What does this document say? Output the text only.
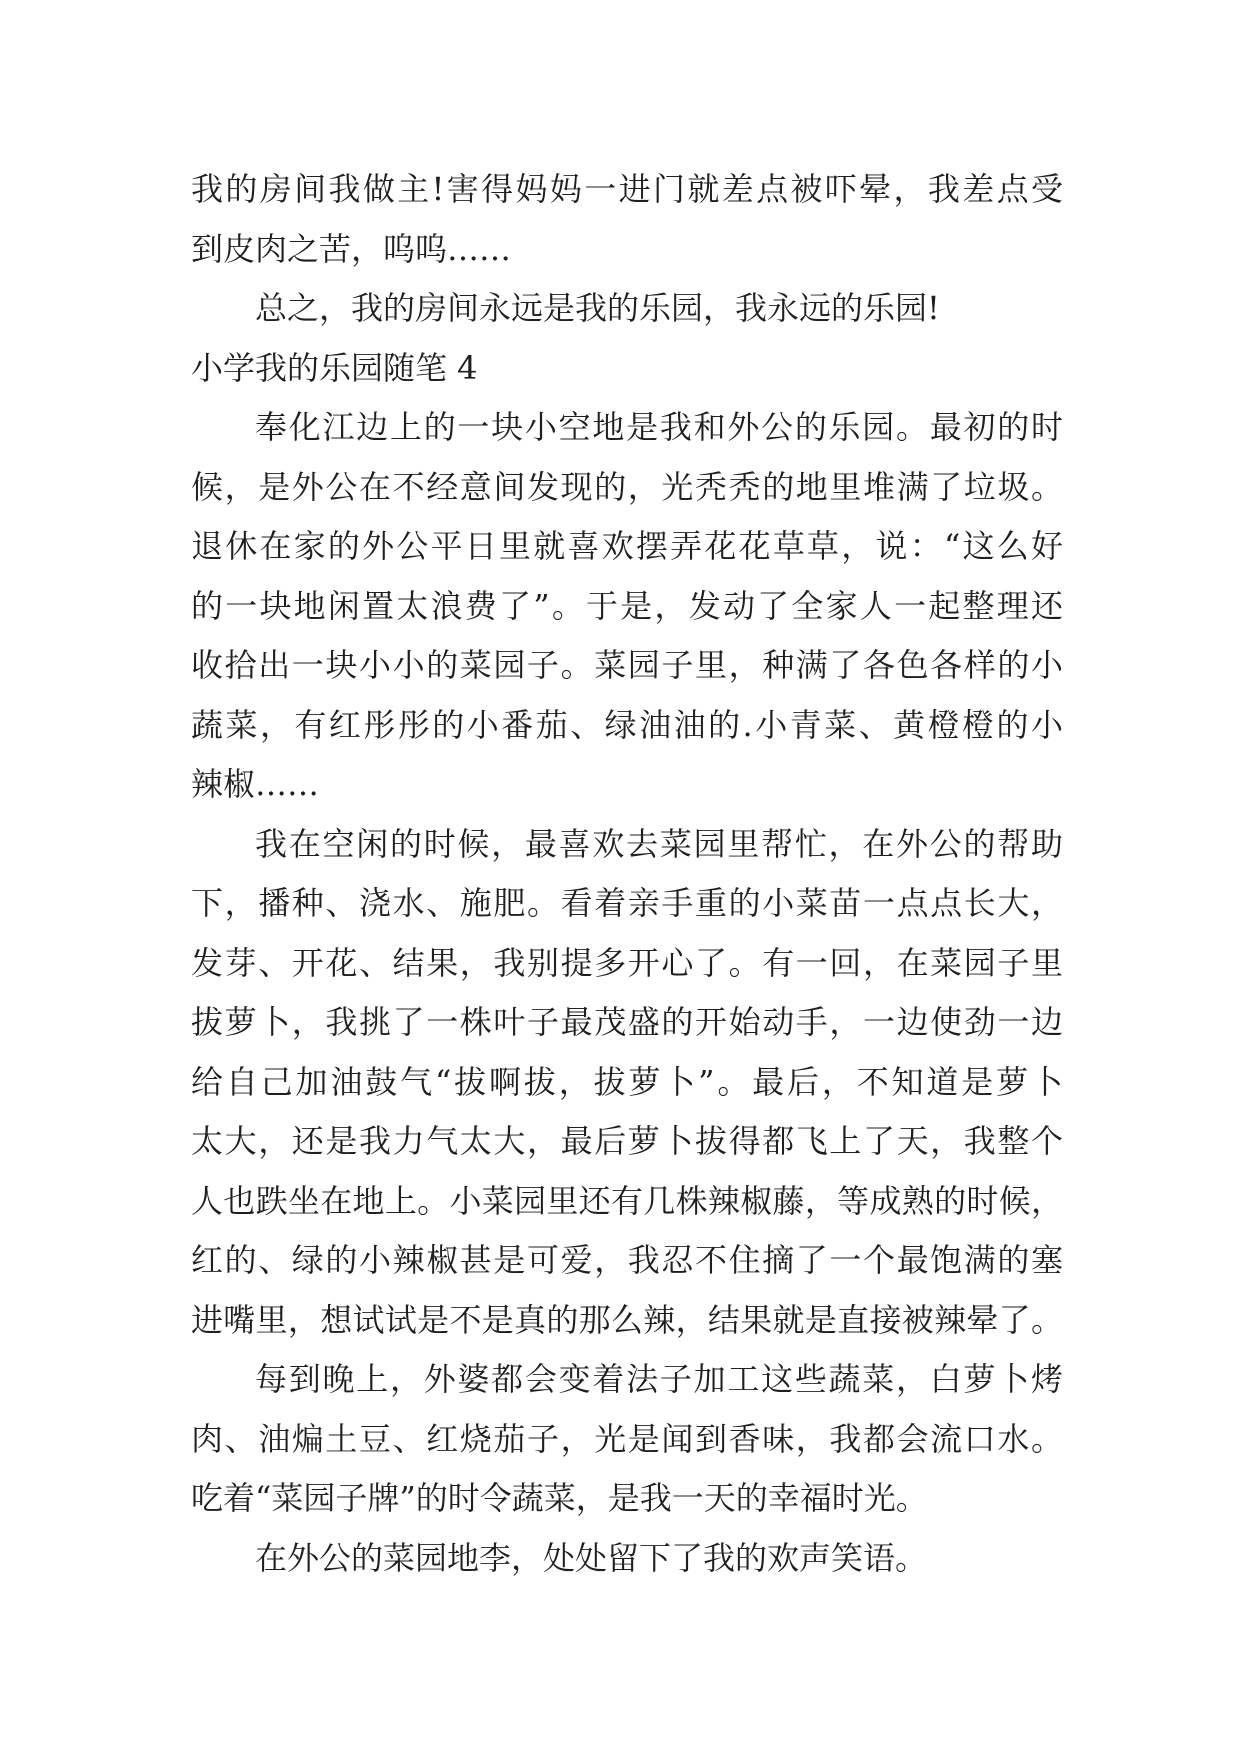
我的房间我做主!害得妈妈一进门就差点被吓晕，我差点受
到皮肉之苦，呜呜……
总之，我的房间永远是我的乐园，我永远的乐园!
小学我的乐园随笔 4
奉化江边上的一块小空地是我和外公的乐园。最初的时
候，是外公在不经意间发现的，光秃秃的地里堆满了垃圾。
退休在家的外公平日里就喜欢摆弄花花草草，说：“这么好
的一块地闲置太浪费了”。于是，发动了全家人一起整理还
收拾出一块小小的菜园子。菜园子里，种满了各色各样的小
蔬菜，有红彤彤的小番茄、绿油油的.小青菜、黄橙橙的小
辣椒……
我在空闲的时候，最喜欢去菜园里帮忙，在外公的帮助
下，播种、浇水、施肥。看着亲手重的小菜苗一点点长大，
发芽、开花、结果，我别提多开心了。有一回，在菜园子里
拔萝卜，我挑了一株叶子最茂盛的开始动手，一边使劲一边
给自己加油鼓气“拔啊拔，拔萝卜”。最后，不知道是萝卜
太大，还是我力气太大，最后萝卜拔得都飞上了天，我整个
人也跌坐在地上。小菜园里还有几株辣椒藤，等成熟的时候，
红的、绿的小辣椒甚是可爱，我忍不住摘了一个最饱满的塞
进嘴里，想试试是不是真的那么辣，结果就是直接被辣晕了。
每到晚上，外婆都会变着法子加工这些蔬菜，白萝卜烤
肉、油煸土豆、红烧茄子，光是闻到香味，我都会流口水。
吃着“菜园子牌”的时令蔬菜，是我一天的幸福时光。
在外公的菜园地李，处处留下了我的欢声笑语。
